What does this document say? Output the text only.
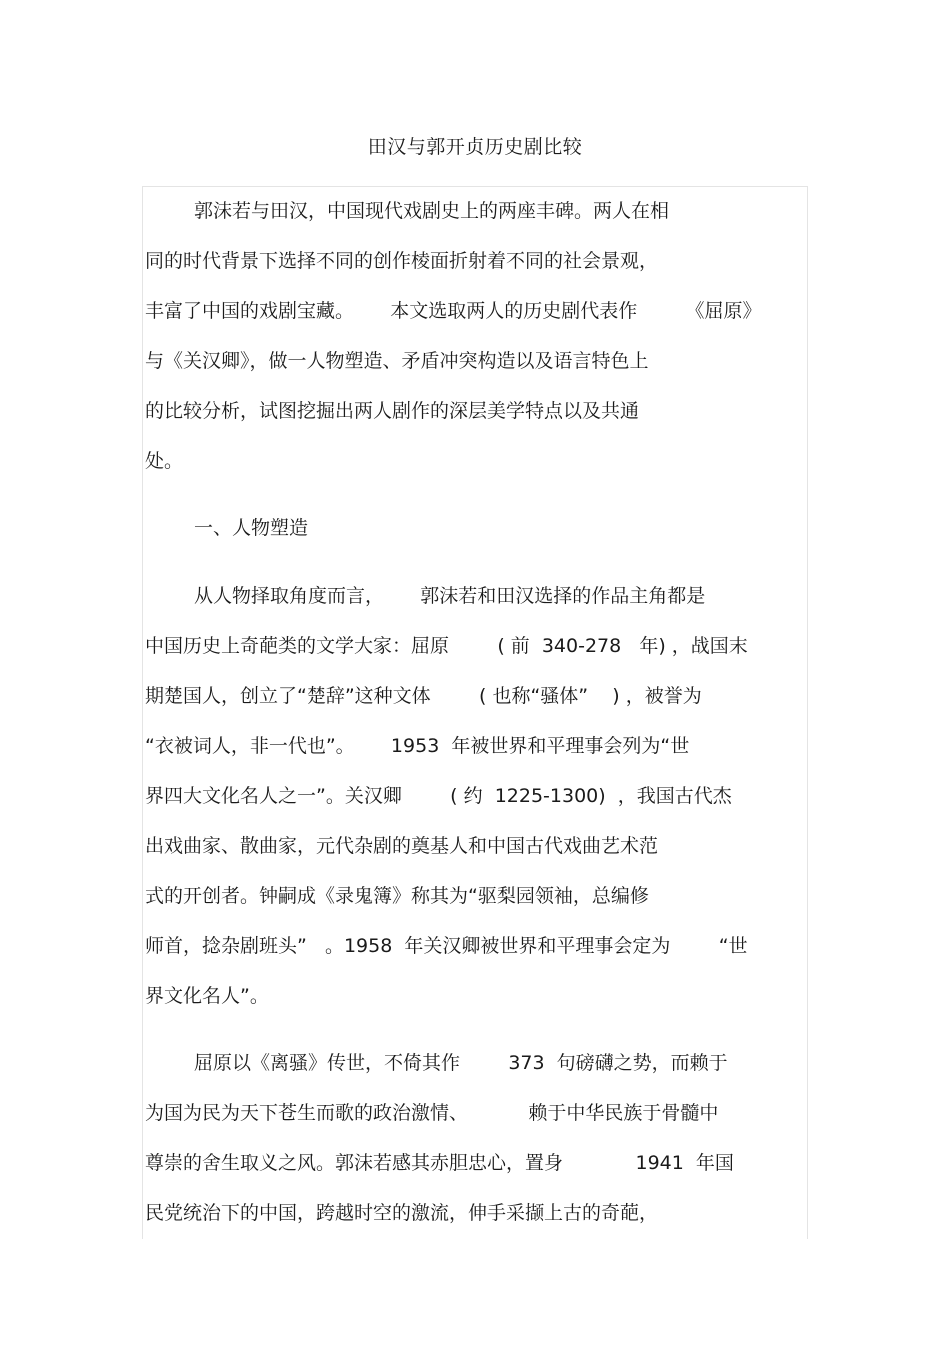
田汉与郭开贞历史剧比较
郭沫若与田汉，中国现代戏剧史上的两座丰碑。两人在相
同的时代背景下选择不同的创作棱面折射着不同的社会景观，
丰富了中国的戏剧宝藏。      本文选取两人的历史剧代表作        《屈原》
与《关汉卿》，做一人物塑造、矛盾冲突构造以及语言特色上
的比较分析，试图挖掘出两人剧作的深层美学特点以及共通
处。
一、人物塑造
从人物择取角度而言，      郭沫若和田汉选择的作品主角都是
中国历史上奇葩类的文学大家：屈原        ( 前  340-278   年) ，战国末
期楚国人，创立了“楚辞”这种文体        ( 也称“骚体”    ) ，被誉为
“衣被词人，非一代也”。      1953  年被世界和平理事会列为“世
界四大文化名人之一”。关汉卿        ( 约  1225-1300)  ，我国古代杰
出戏曲家、散曲家，元代杂剧的奠基人和中国古代戏曲艺术范
式的开创者。钟嗣成《录鬼簿》称其为“驱梨园领袖，总编修
师首，捻杂剧班头”   。1958  年关汉卿被世界和平理事会定为        “世
界文化名人”。
屈原以《离骚》传世，不倚其作        373  句磅礴之势，而赖于
为国为民为天下苍生而歌的政治激情、          赖于中华民族于骨髓中
尊崇的舍生取义之风。郭沫若感其赤胆忠心，置身            1941  年国
民党统治下的中国，跨越时空的激流，伸手采撷上古的奇葩，
